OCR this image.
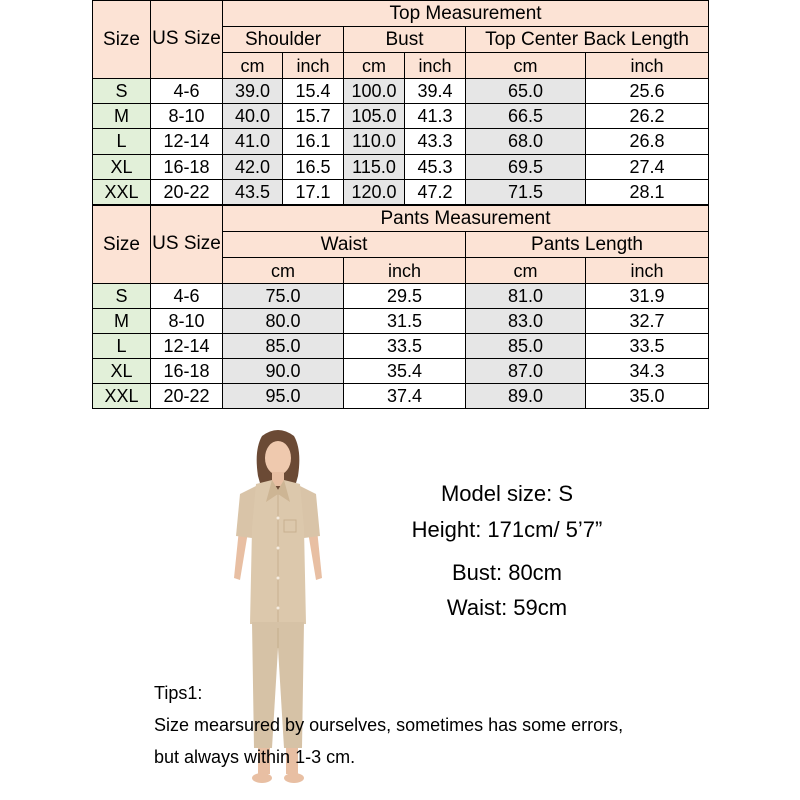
Size	US Size	Top Measurement					
		Shoulder		Bust		Top Center Back Length	
		cm	inch	cm	inch	cm	inch
S	4-6	39.0	15.4	100.0	39.4	65.0	25.6
M	8-10	40.0	15.7	105.0	41.3	66.5	26.2
L	12-14	41.0	16.1	110.0	43.3	68.0	26.8
XL	16-18	42.0	16.5	115.0	45.3	69.5	27.4
XXL	20-22	43.5	17.1	120.0	47.2	71.5	28.1
Size	US Size	Pants Measurement			
		Waist		Pants Length	
		cm	inch	cm	inch
S	4-6	75.0	29.5	81.0	31.9
M	8-10	80.0	31.5	83.0	32.7
L	12-14	85.0	33.5	85.0	33.5
XL	16-18	90.0	35.4	87.0	34.3
XXL	20-22	95.0	37.4	89.0	35.0
Model size: S
Height: 171cm/ 5’7”
Bust: 80cm
Waist: 59cm
Tips1:
Size mearsured by ourselves, sometimes has some errors,
but always within 1-3 cm.
